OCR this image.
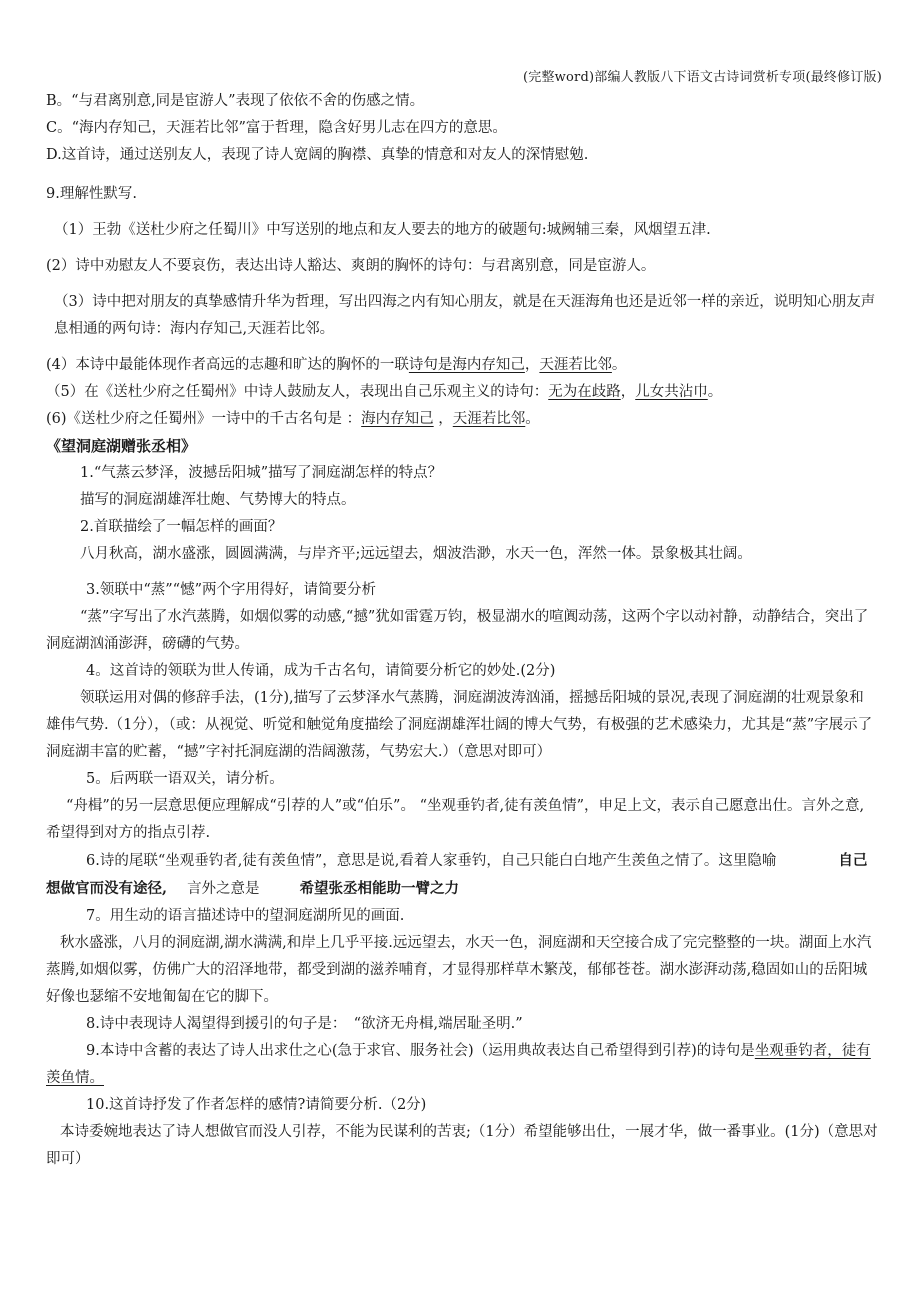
(完整word)部编人教版八下语文古诗词赏析专项(最终修订版)

B。“与君离别意,同是宦游人”表现了依依不舍的伤感之情。

C。“海内存知己，天涯若比邻”富于哲理，隐含好男儿志在四方的意思。

D.这首诗，通过送别友人，表现了诗人宽阔的胸襟、真挚的情意和对友人的深情慰勉.

9.理解性默写.

（1）王勃《送杜少府之任蜀川》中写送别的地点和友人要去的地方的破题句:城阙辅三秦，风烟望五津.

(2）诗中劝慰友人不要哀伤，表达出诗人豁达、爽朗的胸怀的诗句：与君离别意，同是宦游人。

（3）诗中把对朋友的真挚感情升华为哲理，写出四海之内有知心朋友，就是在天涯海角也还是近邻一样的亲近，说明知心朋友声息相通的两句诗：海内存知己,天涯若比邻。

(4）本诗中最能体现作者高远的志趣和旷达的胸怀的一联诗句是海内存知己，天涯若比邻。

（5）在《送杜少府之任蜀州》中诗人鼓励友人，表现出自己乐观主义的诗句：无为在歧路，儿女共沾巾。

(6)《送杜少府之任蜀州》一诗中的千古名句是 ：海内存知己 ，天涯若比邻。

《望洞庭湖赠张丞相》

1.“气蒸云梦泽，波撼岳阳城”描写了洞庭湖怎样的特点？

描写的洞庭湖雄浑壮皰、气势博大的特点。

2.首联描绘了一幅怎样的画面？

八月秋高，湖水盛涨，圆圆满满，与岸齐平;远远望去，烟波浩渺，水天一色，浑然一体。景象极其壮阔。

3.领联中“蒸”“憾”两个字用得好，请简要分析

“蒸”字写出了水汽蒸腾，如烟似雾的动感,“撼”犹如雷霆万钧，极显湖水的喧阗动荡，这两个字以动衬静，动静结合，突出了洞庭湖汹涌澎湃，磅礴的气势。

4。这首诗的领联为世人传诵，成为千古名句，请简要分析它的妙处.(2分)

领联运用对偶的修辞手法，(1分),描写了云梦泽水气蒸腾，洞庭湖波涛汹涌，摇撼岳阳城的景况,表现了洞庭湖的壮观景象和雄伟气势.（1分），（或：从视觉、听觉和触觉角度描绘了洞庭湖雄浑壮阔的博大气势，有极强的艺术感染力，尤其是“蒸”字展示了洞庭湖丰富的贮蓄，“撼”字衬托洞庭湖的浩阔激荡，气势宏大.）（意思对即可）

5。后两联一语双关，请分析。

“舟楫”的另一层意思便应理解成“引荐的人”或“伯乐”。 “坐观垂钓者,徒有羡鱼情”，申足上文，表示自己愿意出仕。言外之意,希望得到对方的指点引荐.

6.诗的尾联“坐观垂钓者,徒有羡鱼情”，意思是说,看着人家垂钓，自己只能白白地产生羡鱼之情了。这里隐喻	自己想做官而没有途径, 言外之意是	希望张丞相能助一臂之力

7。用生动的语言描述诗中的望洞庭湖所见的画面.

秋水盛涨，八月的洞庭湖,湖水满满,和岸上几乎平接.远远望去，水天一色，洞庭湖和天空接合成了完完整整的一块。湖面上水汽蒸腾,如烟似雾，仿佛广大的沼泽地带，都受到湖的滋养哺育，才显得那样草木繁茂，郁郁苍苍。湖水澎湃动荡,稳固如山的岳阳城好像也瑟缩不安地匍匐在它的脚下。

8.诗中表现诗人渴望得到援引的句子是：　“欲济无舟楫,端居耻圣明.”

9.本诗中含蓄的表达了诗人出求仕之心(急于求官、服务社会)（运用典故表达自己希望得到引荐)的诗句是坐观垂钓者，徒有羡鱼情。

10.这首诗抒发了作者怎样的感情?请简要分析.（2分)

本诗委婉地表达了诗人想做官而没人引荐，不能为民谋利的苦衷;（1分）希望能够出仕，一展才华，做一番事业。(1分)（意思对即可）
